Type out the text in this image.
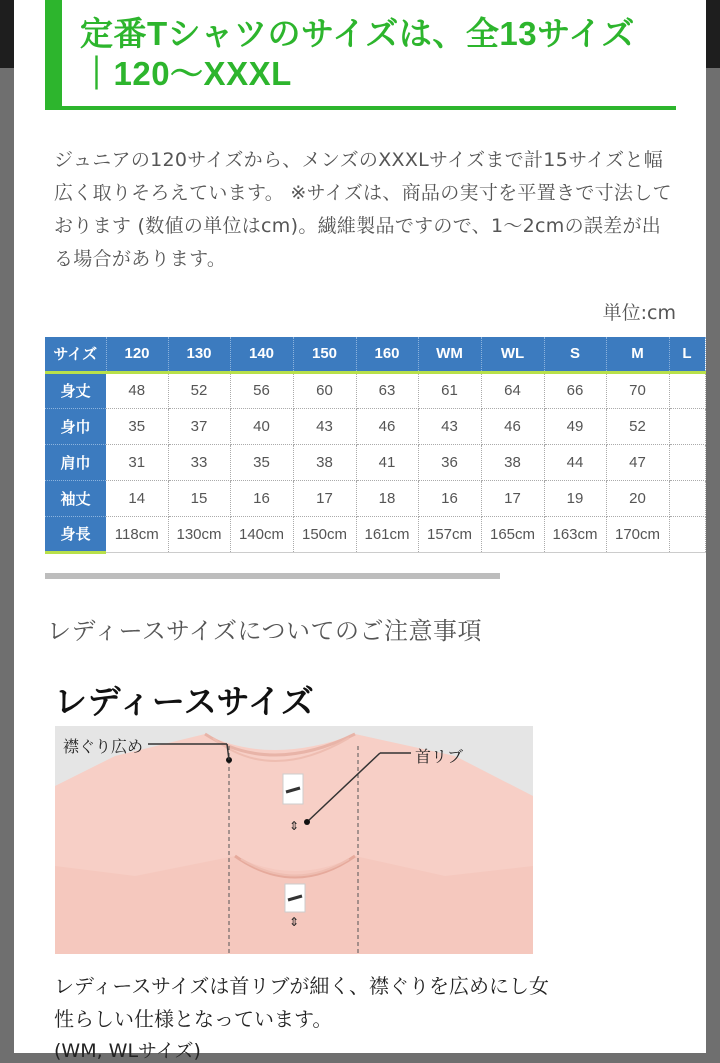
定番Tシャツのサイズは、全13サイズ
｜120〜XXXL
ジュニアの120サイズから、メンズのXXXLサイズまで計15サイズと幅広く取りそろえています。 ※サイズは、商品の実寸を平置きで寸法しております (数値の単位はcm)。繊維製品ですので、1〜2cmの誤差が出る場合があります。
単位:cm
サイズ	120	130	140	150	160	WM	WL	S	M	L
身丈	48	52	56	60	63	61	64	66	70	
身巾	35	37	40	43	46	43	46	49	52	
肩巾	31	33	35	38	41	36	38	44	47	
袖丈	14	15	16	17	18	16	17	19	20	
身長	118cm	130cm	140cm	150cm	161cm	157cm	165cm	163cm	170cm	
レディースサイズについてのご注意事項
レディースサイズ
⇕
⇕
襟ぐり広め
首リブ
レディースサイズは首リブが細く、襟ぐりを広めにし女性らしい仕様となっています。
(WM, WLサイズ)
